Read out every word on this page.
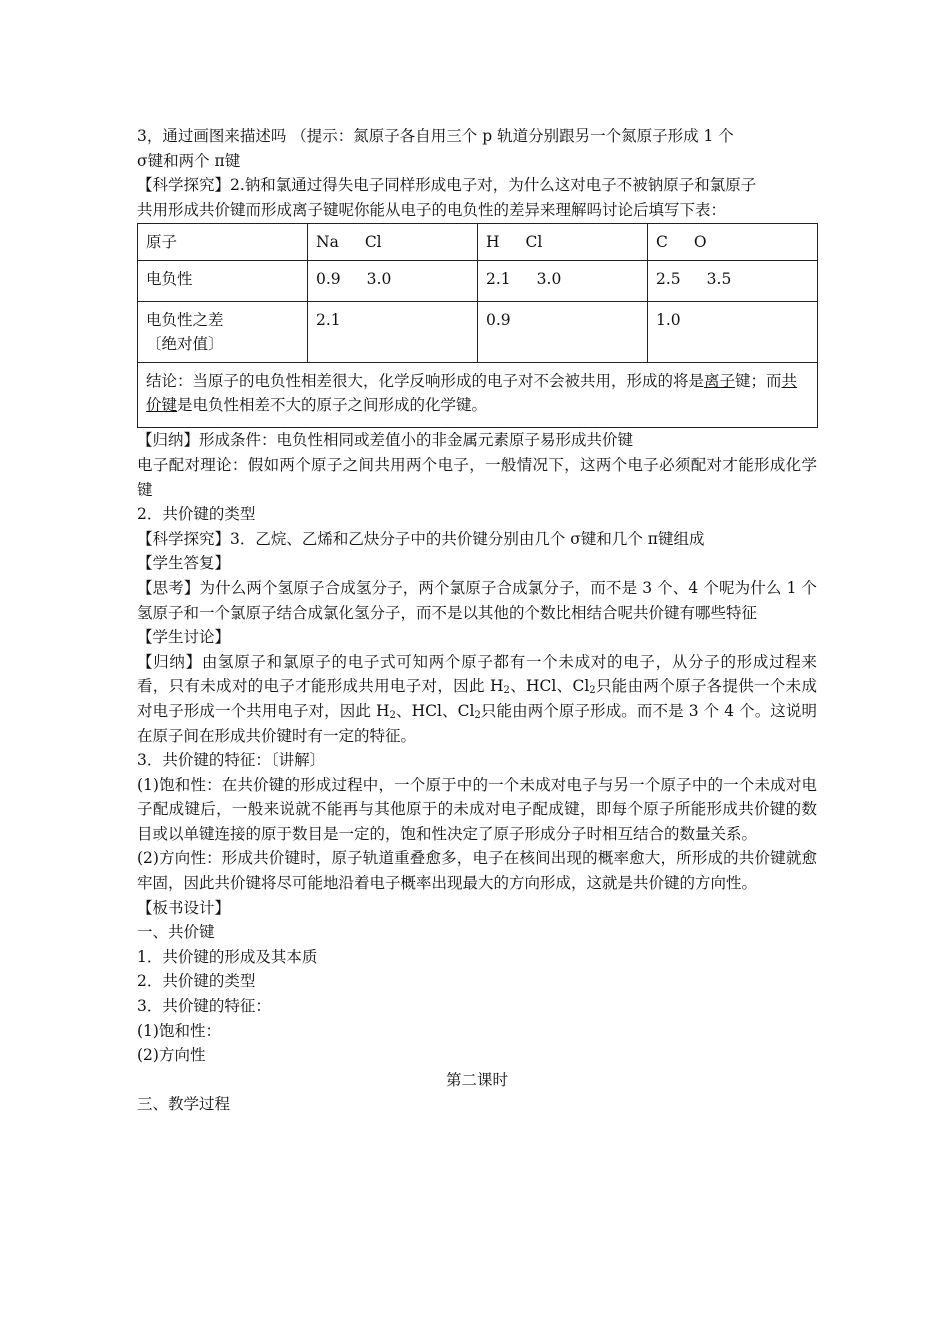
3，通过画图来描述吗 （提示：氮原子各自用三个 p 轨道分别跟另一个氮原子形成 1 个

σ键和两个 π键

【科学探究】2.钠和氯通过得失电子同样形成电子对，为什么这对电子不被钠原子和氯原子

共用形成共价键而形成离子键呢你能从电子的电负性的差异来理解吗讨论后填写下表：

原子	Na Cl	H Cl	C O
电负性	0.9 3.0	2.1 3.0	2.5 3.5

电负性之差
〔绝对值〕	2.1	0.9	1.0
结论：当原子的电负性相差很大，化学反响形成的电子对不会被共用，形成的将是离子键；而共价键是电负性相差不大的原子之间形成的化学键。			

【归纳】形成条件：电负性相同或差值小的非金属元素原子易形成共价键

电子配对理论：假如两个原子之间共用两个电子，一般情况下，这两个电子必须配对才能形成化学键

2．共价键的类型

【科学探究】3．乙烷、乙烯和乙炔分子中的共价键分别由几个 σ键和几个 π键组成

【学生答复】

【思考】为什么两个氢原子合成氢分子，两个氯原子合成氯分子，而不是 3 个、4 个呢为什么 1 个氢原子和一个氯原子结合成氯化氢分子，而不是以其他的个数比相结合呢共价键有哪些特征

【学生讨论】

【归纳】由氢原子和氯原子的电子式可知两个原子都有一个未成对的电子，从分子的形成过程来看，只有未成对的电子才能形成共用电子对，因此 $H_2$、HCl、$Cl_2$只能由两个原子各提供一个未成对电子形成一个共用电子对，因此 $H_2$、HCl、$Cl_2$只能由两个原子形成。而不是 3 个 4 个。这说明在原子间在形成共价键时有一定的特征。

3．共价键的特征：〔讲解〕

(1)饱和性：在共价键的形成过程中，一个原于中的一个未成对电子与另一个原子中的一个未成对电子配成键后，一般来说就不能再与其他原于的未成对电子配成键，即每个原子所能形成共价键的数目或以单键连接的原于数目是一定的，饱和性决定了原子形成分子时相互结合的数量关系。

(2)方向性：形成共价键时，原子轨道重叠愈多，电子在核间出现的概率愈大，所形成的共价键就愈牢固，因此共价键将尽可能地沿着电子概率出现最大的方向形成，这就是共价键的方向性。

【板书设计】

一、共价键

1．共价键的形成及其本质

2．共价键的类型

3．共价键的特征：

(1)饱和性：

(2)方向性

第二课时

三、教学过程
